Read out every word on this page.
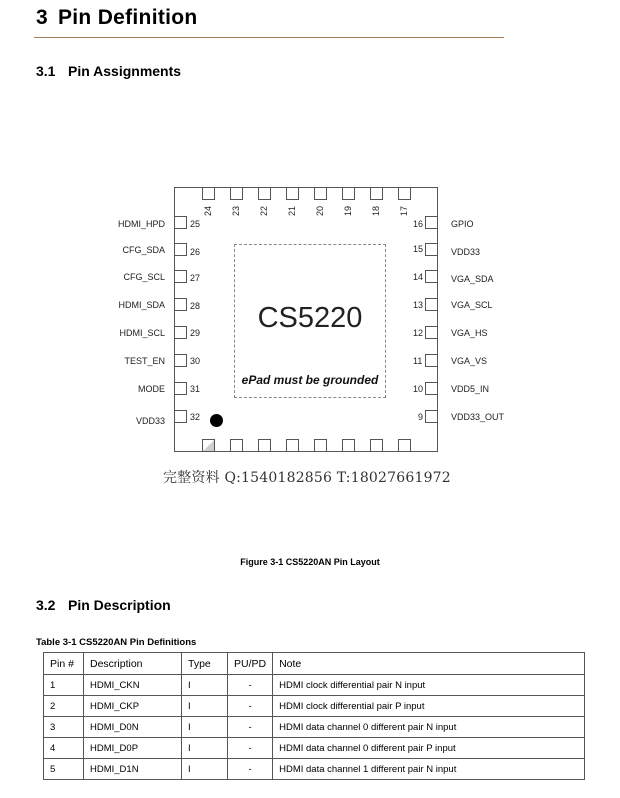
3 Pin Definition
3.1 Pin Assignments
CS5220
ePad must be grounded
24 23 22 21 20 19 18 17
HDMI_HPD	25
CFG_SDA	26
CFG_SCL	27
HDMI_SDA	28
HDMI_SCL	29
TEST_EN	30
MODE	31
VDD33	32
16	GPIO
15	VDD33
14	VGA_SDA
13	VGA_SCL
12	VGA_HS
11	VGA_VS
10	VDD5_IN
9	VDD33_OUT
完整资料 Q:1540182856 T:18027661972
Figure 3-1 CS5220AN Pin Layout
3.2 Pin Description
Table 3-1 CS5220AN Pin Definitions
Pin #	Description	Type	PU/PD	Note
1	HDMI_CKN	I	-	HDMI clock differential pair N input
2	HDMI_CKP	I	-	HDMI clock differential pair P input
3	HDMI_D0N	I	-	HDMI data channel 0 different pair N input
4	HDMI_D0P	I	-	HDMI data channel 0 different pair P input
5	HDMI_D1N	I	-	HDMI data channel 1 different pair N input
